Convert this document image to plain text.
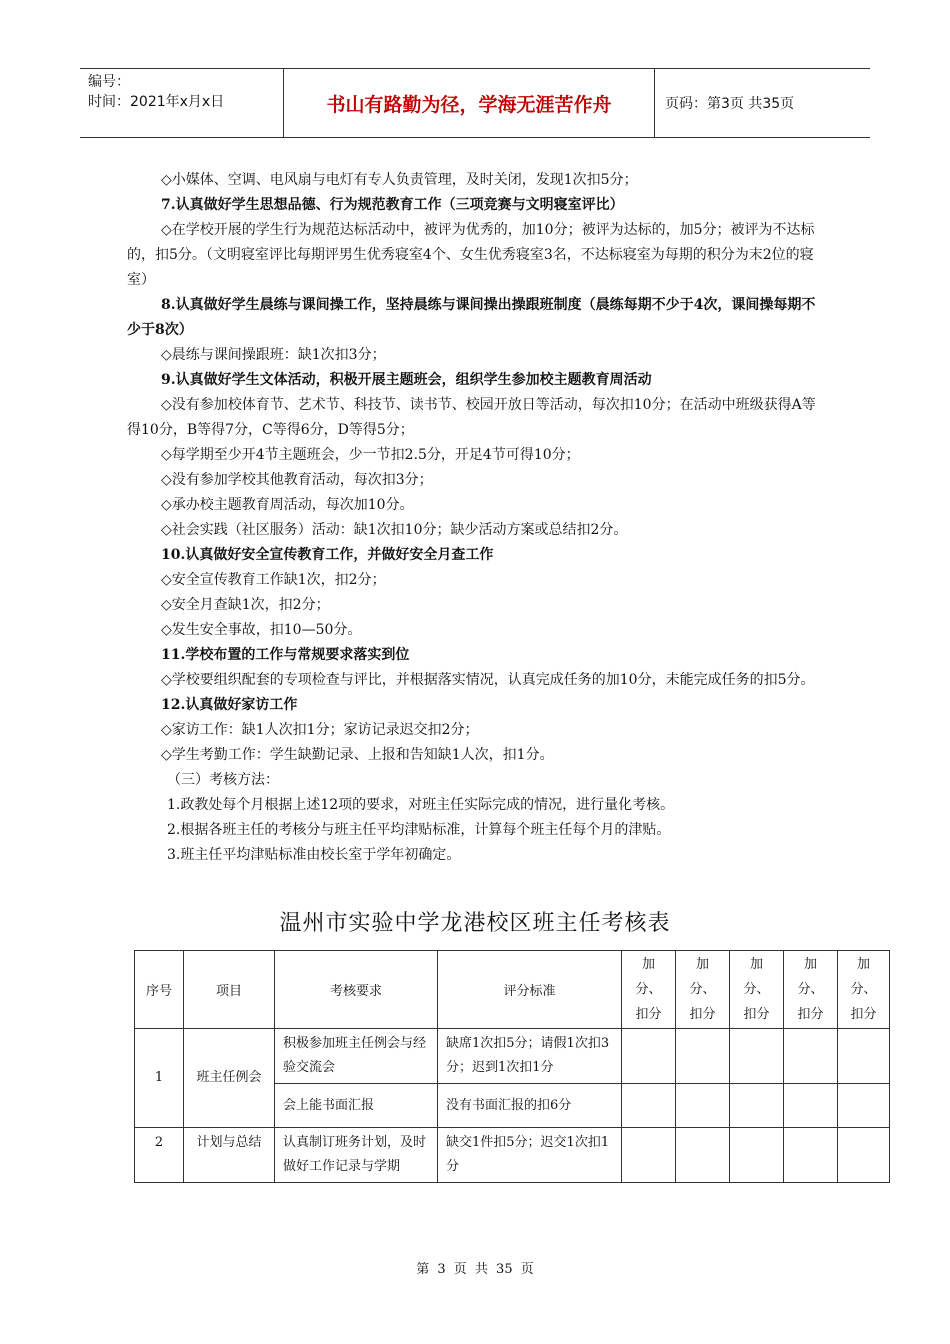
编号：
时间：2021年x月x日	书山有路勤为径，学海无涯苦作舟	页码：第3页 共35页

◇小媒体、空调、电风扇与电灯有专人负责管理，及时关闭，发现1次扣5分；

7.认真做好学生思想品德、行为规范教育工作（三项竞赛与文明寝室评比）

◇在学校开展的学生行为规范达标活动中，被评为优秀的，加10分；被评为达标的，加5分；被评为不达标的，扣5分。（文明寝室评比每期评男生优秀寝室4个、女生优秀寝室3名，不达标寝室为每期的积分为末2位的寝室）

8.认真做好学生晨练与课间操工作，坚持晨练与课间操出操跟班制度（晨练每期不少于4次，课间操每期不少于8次）

◇晨练与课间操跟班：缺1次扣3分；

9.认真做好学生文体活动，积极开展主题班会，组织学生参加校主题教育周活动

◇没有参加校体育节、艺术节、科技节、读书节、校园开放日等活动，每次扣10分；在活动中班级获得A等得10分，B等得7分，C等得6分，D等得5分；

◇每学期至少开4节主题班会，少一节扣2.5分，开足4节可得10分；

◇没有参加学校其他教育活动，每次扣3分；

◇承办校主题教育周活动，每次加10分。

◇社会实践（社区服务）活动：缺1次扣10分；缺少活动方案或总结扣2分。

10.认真做好安全宣传教育工作，并做好安全月查工作

◇安全宣传教育工作缺1次，扣2分；

◇安全月查缺1次，扣2分；

◇发生安全事故，扣10—50分。

11.学校布置的工作与常规要求落实到位

◇学校要组织配套的专项检查与评比，并根据落实情况，认真完成任务的加10分，未能完成任务的扣5分。

12.认真做好家访工作

◇家访工作：缺1人次扣1分；家访记录迟交扣2分；

◇学生考勤工作：学生缺勤记录、上报和告知缺1人次，扣1分。

（三）考核方法：

1.政教处每个月根据上述12项的要求，对班主任实际完成的情况，进行量化考核。

2.根据各班主任的考核分与班主任平均津贴标准，计算每个班主任每个月的津贴。

3.班主任平均津贴标准由校长室于学年初确定。

温州市实验中学龙港校区班主任考核表
序号	项目	考核要求	评分标准	加分、扣分	加分、扣分	加分、扣分	加分、扣分	加分、扣分
1	班主任例会	积极参加班主任例会与经验交流会	缺席1次扣5分；请假1次扣3分；迟到1次扣1分					
		会上能书面汇报	没有书面汇报的扣6分					
2	计划与总结	认真制订班务计划，及时做好工作记录与学期	缺交1件扣5分；迟交1次扣1分					
第 3 页 共 35 页
